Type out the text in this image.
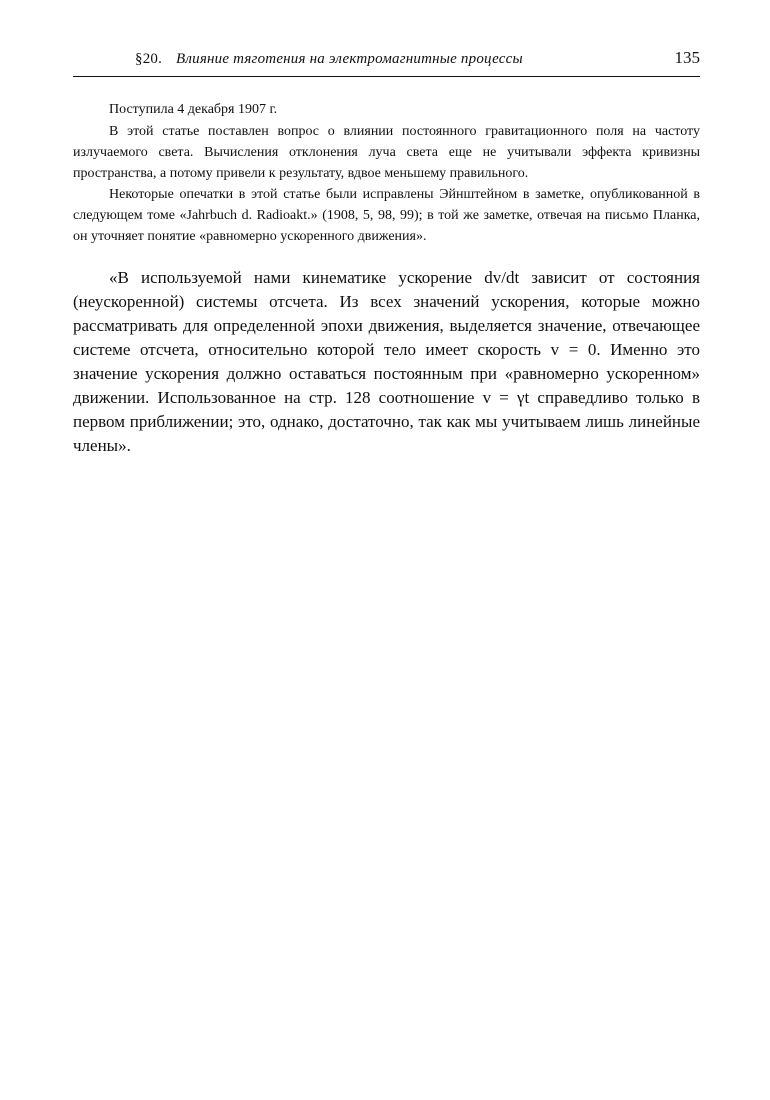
§20. Влияние тяготения на электромагнитные процессы	135

Поступила 4 декабря 1907 г.

В этой статье поставлен вопрос о влиянии постоянного гравитационного поля на частоту излучаемого света. Вычисления отклонения луча света еще не учитывали эффекта кривизны пространства, а потому привели к результату, вдвое меньшему правильного.

Некоторые опечатки в этой статье были исправлены Эйнштейном в заметке, опубликованной в следующем томе «Jahrbuch d. Radioakt.» (1908, 5, 98, 99); в той же заметке, отвечая на письмо Планка, он уточняет понятие «равномерно ускоренного движения».

«В используемой нами кинематике ускорение dv/dt зависит от состояния (неускоренной) системы отсчета. Из всех значений ускорения, которые можно рассматривать для определенной эпохи движения, выделяется значение, отвечающее системе отсчета, относительно которой тело имеет скорость v = 0. Именно это значение ускорения должно оставаться постоянным при «равномерно ускоренном» движении. Использованное на стр. 128 соотношение v = γt справедливо только в первом приближении; это, однако, достаточно, так как мы учитываем лишь линейные члены».
